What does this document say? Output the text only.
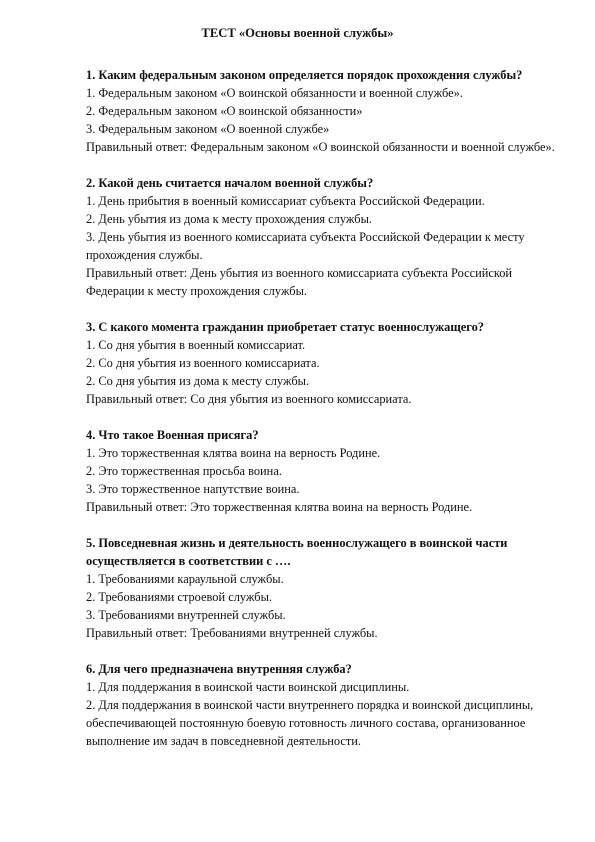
ТЕСТ «Основы военной службы»

1. Каким федеральным законом определяется порядок прохождения службы?

1. Федеральным законом «О воинской обязанности и военной службе».

2. Федеральным законом «О воинской обязанности»

3. Федеральным законом «О военной службе»

Правильный ответ: Федеральным законом «О воинской обязанности и военной службе».

2. Какой день считается началом военной службы?

1. День прибытия в военный комиссариат субъекта Российской Федерации.

2. День убытия из дома к месту прохождения службы.

3. День убытия из военного комиссариата субъекта Российской Федерации к месту прохождения службы.

Правильный ответ: День убытия из военного комиссариата субъекта Российской Федерации к месту прохождения службы.

3. С какого момента гражданин приобретает статус военнослужащего?

1. Со дня убытия в военный комиссариат.

2. Со дня убытия из военного комиссариата.

2. Со дня убытия из дома к месту службы.

Правильный ответ: Со дня убытия из военного комиссариата.

4. Что такое Военная присяга?

1. Это торжественная клятва воина на верность Родине.

2. Это торжественная просьба воина.

3. Это торжественное напутствие воина.

Правильный ответ: Это торжественная клятва воина на верность Родине.

5. Повседневная жизнь и деятельность военнослужащего в воинской части осуществляется в соответствии с ….

1. Требованиями караульной службы.

2. Требованиями строевой службы.

3. Требованиями внутренней службы.

Правильный ответ: Требованиями внутренней службы.

6. Для чего предназначена внутренняя служба?

1. Для поддержания в воинской части воинской дисциплины.

2. Для поддержания в воинской части внутреннего порядка и воинской дисциплины, обеспечивающей постоянную боевую готовность личного состава, организованное выполнение им задач в повседневной деятельности.
